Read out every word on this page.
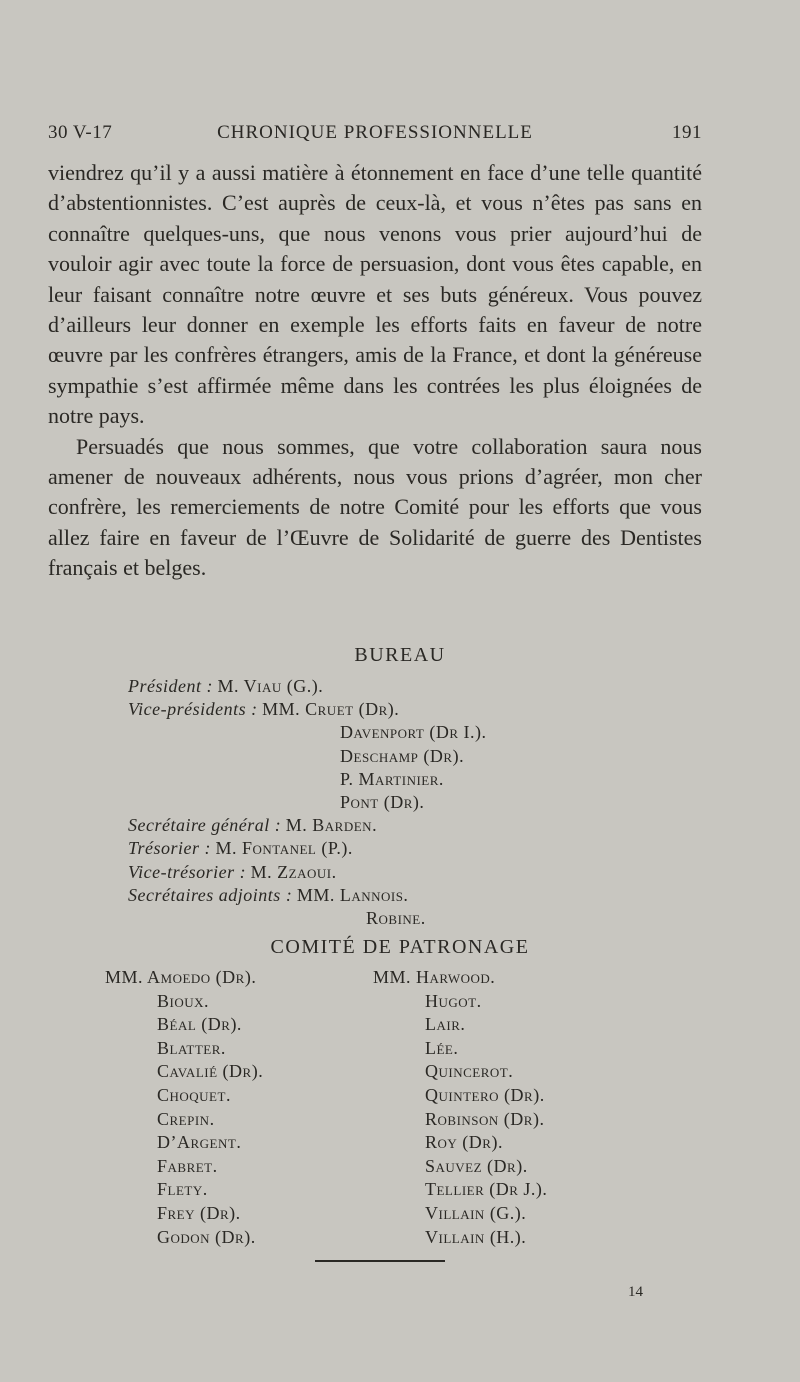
30 V-17	CHRONIQUE PROFESSIONNELLE	191

viendrez qu’il y a aussi matière à étonnement en face d’une telle quantité d’abstentionnistes. C’est auprès de ceux-là, et vous n’êtes pas sans en connaître quelques-uns, que nous venons vous prier aujourd’hui de vouloir agir avec toute la force de persuasion, dont vous êtes capable, en leur faisant connaître notre œuvre et ses buts généreux. Vous pouvez d’ailleurs leur donner en exemple les efforts faits en faveur de notre œuvre par les confrères étrangers, amis de la France, et dont la généreuse sympathie s’est affirmée même dans les contrées les plus éloignées de notre pays.

Persuadés que nous sommes, que votre collaboration saura nous amener de nouveaux adhérents, nous vous prions d’agréer, mon cher confrère, les remerciements de notre Comité pour les efforts que vous allez faire en faveur de l’Œuvre de Solidarité de guerre des Dentistes français et belges.

BUREAU
Président : M. Viau (G.).
Vice-présidents : MM. Cruet (Dr).
Davenport (Dr I.).
Deschamp (Dr).
P. Martinier.
Pont (Dr).
Secrétaire général : M. Barden.
Trésorier : M. Fontanel (P.).
Vice-trésorier : M. Zzaoui.
Secrétaires adjoints : MM. Lannois.
Robine.
COMITÉ DE PATRONAGE
MM. Amoedo (Dr).
Bioux.
Béal (Dr).
Blatter.
Cavalié (Dr).
Choquet.
Crepin.
D’Argent.
Fabret.
Flety.
Frey (Dr).
Godon (Dr).
MM. Harwood.
Hugot.
Lair.
Lée.
Quincerot.
Quintero (Dr).
Robinson (Dr).
Roy (Dr).
Sauvez (Dr).
Tellier (Dr J.).
Villain (G.).
Villain (H.).
14
